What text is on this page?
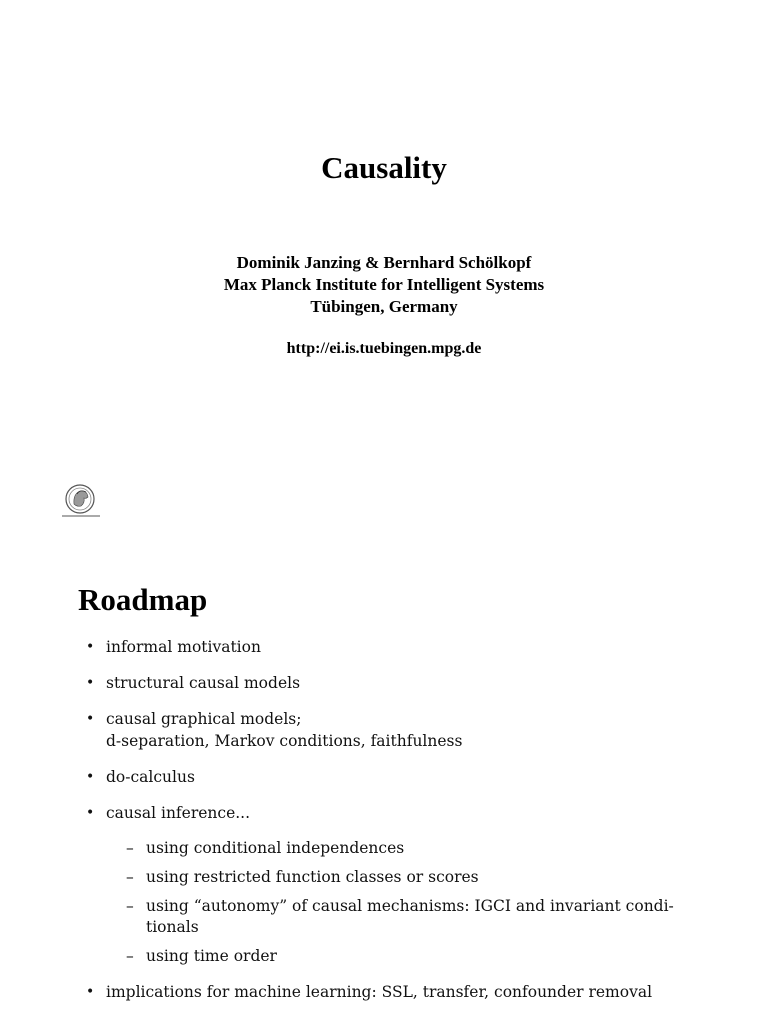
Causality
Dominik Janzing & Bernhard Schölkopf
Max Planck Institute for Intelligent Systems
Tübingen, Germany
http://ei.is.tuebingen.mpg.de
Roadmap
• informal motivation
• structural causal models
• causal graphical models;
d-separation, Markov conditions, faithfulness
• do-calculus
• causal inference...
– using conditional independences
– using restricted function classes or scores
– using “autonomy” of causal mechanisms: IGCI and invariant condi-
tionals
– using time order
• implications for machine learning: SSL, transfer, confounder removal
